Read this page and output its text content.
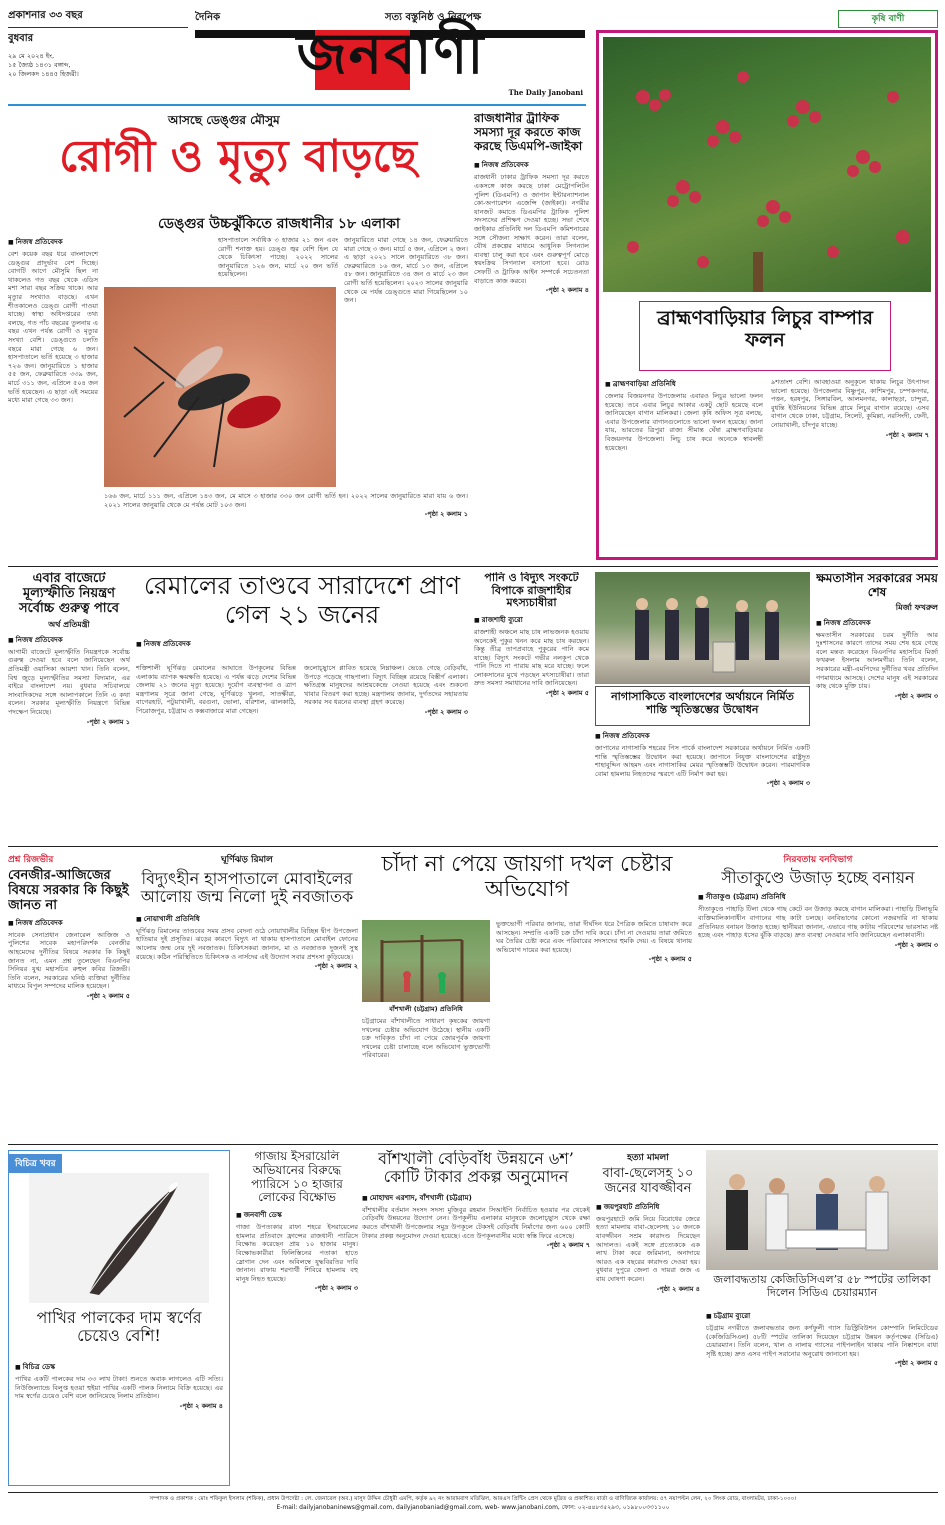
প্রকাশনার ৩৩ বছর
বুধবার
২৯ মে ২০২৪ ইং,
১৫ জ্যৈষ্ঠ ১৪৩১ বঙ্গাব্দ,
২০ জিলকদ ১৪৪৫ হিজরী।
দৈনিক	সত্য বস্তুনিষ্ঠ ও নিরপেক্ষ
জনবাণী
The Daily Janobani
কৃষি বাণী
ব্রাহ্মণবাড়িয়ার লিচুর বাম্পার ফলন
■ ব্রাহ্মণবাড়িয়া প্রতিনিধি
জেলার বিজয়নগর উপজেলায় এবারও লিচুর ভালো ফলন হয়েছে। তবে এবার লিচুর আকার একটু ছোট হয়েছে বলে জানিয়েছেন বাগান মালিকরা। জেলা কৃষি অফিস সূত্র বলছে, এবার উপজেলার বাগানগুলোতে ভালো ফলন হয়েছে। জানা যায়, ভারতের ত্রিপুরা রাজ্য সীমান্ত ঘেঁষা ব্রাহ্মণবাড়িয়ার বিজয়নগর উপজেলা। লিচু চাষ করে অনেকে স্বাবলম্বী হয়েছেন।
৯শতাংশ বেশি। আবহাওয়া অনুকূলে থাকায় লিচুর উৎপাদন ভালো হয়েছে। উপজেলার বিষ্ণুপুর, কাশিমপুর, চম্পকনগর, পত্তন, হরষপুর, সিঙ্গারবিল, আলমনগর, কালাছড়া, চান্দুরা, বুধন্তি ইউনিয়নের বিভিন্ন গ্রামে লিচুর বাগান রয়েছে। এসব বাগান থেকে ঢাকা, চট্টগ্রাম, সিলেট, কুমিল্লা, নরসিংদী, ফেনী, নোয়াখালী, চাঁদপুর যাচ্ছে।
-পৃষ্ঠা ২ কলাম ৭
আসছে ডেঙ্গুর মৌসুম
রোগী ও মৃত্যু বাড়ছে
ডেঙ্গুর উচ্চঝুঁকিতে রাজধানীর ১৮ এলাকা
■ নিজস্ব প্রতিবেদক
বেশ কয়েক বছর ধরে বাংলাদেশে ডেঙ্গুর প্রাদুর্ভাব বেশ দিচ্ছে। বোগটি আগে মৌসুমি ছিল না থাকলেও গত বছর থেকে এডিস মশা সারা বছর সক্রিয় থাকে। আর মৃত্যুর সংখ্যাও বাড়ছে। এখন শীতকালেও ডেঙ্গু রোগী পাওয়া যাচ্ছে। স্বাস্থ্য অধিদপ্তরের তথ্য বলছে, গত পাঁচ বছরের তুলনায় এ বছর এখন পর্যন্ত রোগী ও মৃত্যুর সংখ্যা বেশি। ডেঙ্গুতে চলতি বছরে মারা গেছে ৬ জন। হাসপাতালে ভর্তি হয়েছে ৩ হাজার ৭২৬ জন। জানুয়ারিতে ১ হাজার ৫৫ জন, ফেব্রুয়ারিতে ৩৩৯ জন, মার্চে ৩১১ জন, এপ্রিলে ৫০৪ জন ভর্তি হয়েছেন। এ ছাড়া এই সময়ের মধ্যে মারা গেছে ৩৩ জন।
হাসপাতালে সর্বাধিক ৩ হাজার ২১ জন এবং রোগী শনাক্ত হয়। ডেঙ্গু জ্বর বেশি হিল যে থেকে চিকিৎসা পাচ্ছে। ২০২২ সালের জানুয়ারিতে ১২৬ জন, মার্চে ২০ জন ভর্তি হয়েছিলেন।
জানুয়ারিতে মারা গেছে ১৪ জন, ফেব্রুয়ারিতে মারা গেছে ৩ জন। মার্চে ৫ জন, এপ্রিলে ২ জন। এ ছাড়া ২০২১ সালে জানুয়ারিতে ৩৮ জন। ফেব্রুয়ারিতে ১৬ জন, মার্চে ১৩ জন, এপ্রিলে ৫৮ জন। জানুয়ারিতে ৩৪ জন ও মার্চে ২৩ জন রোগী ভর্তি হয়েছিলেন। ২০২৩ সালের জানুয়ারি থেকে মে পর্যন্ত ডেঙ্গুতে মারা গিয়েছিলেন ১০ জন।
১৬৬ জন, মার্চে ১১১ জন, এপ্রিলে ১৪৩ জন, মে মাসে ৩ হাজার ৩৩০ জন রোগী ভর্তি হন। ২০২২ সালের জানুয়ারিতে মারা যায় ৬ জন। ২০২১ সালের জানুয়ারি থেকে মে পর্যন্ত মোট ১০৩ জন।
-পৃষ্ঠা ২ কলাম ১
রাজধানীর ট্রাফিক সমস্যা দূর করতে কাজ করছে ডিএমপি-জাইকা
■ নিজস্ব প্রতিবেদক
রাজধানী ঢাকার ট্রাফিক সমস্যা দূর করতে একসঙ্গে কাজ করছে ঢাকা মেট্রোপলিটন পুলিশ (ডিএমপি) ও জাপান ইন্টারন্যাশনাল কো-অপারেশন এজেন্সি (জাইকা)। নগরীর যানজট কমাতে ডিএমপির ট্রাফিক পুলিশ সদস্যদের প্রশিক্ষণ দেওয়া হচ্ছে। সভা শেষে জাইকার প্রতিনিধি দল ডিএমপি কমিশনারের সঙ্গে সৌজন্য সাক্ষাৎ করেন। তারা বলেন, যৌথ প্রকল্পের মাধ্যমে আধুনিক সিগন্যাল ব্যবস্থা চালু করা হবে এবং গুরুত্বপূর্ণ মোড়ে স্বয়ংক্রিয় সিগন্যাল বসানো হবে। রোড সেফটি ও ট্রাফিক আইন সম্পর্কে সচেতনতা বাড়াতে কাজ করবে।
-পৃষ্ঠা ২ কলাম ৪
এবার বাজেটে মূল্যস্ফীতি নিয়ন্ত্রণ সর্বোচ্চ গুরুত্ব পাবে
অর্থ প্রতিমন্ত্রী
■ নিজস্ব প্রতিবেদক
আগামী বাজেটে মূল্যস্ফীতি নিয়ন্ত্রণকে সর্বোচ্চ গুরুত্ব দেওয়া হবে বলে জানিয়েছেন অর্থ প্রতিমন্ত্রী ওয়াসিকা আয়শা খান। তিনি বলেন, বিশ্ব জুড়ে মূল্যস্ফীতির সমস্যা বিদ্যমান, এর বাইরে বাংলাদেশ নয়। বুধবার সচিবালয়ে সাংবাদিকদের সঙ্গে আলাপকালে তিনি এ কথা বলেন। সরকার মূল্যস্ফীতি নিয়ন্ত্রণে বিভিন্ন পদক্ষেপ নিয়েছে।
-পৃষ্ঠা ২ কলাম ১
রেমালের তাণ্ডবে সারাদেশে প্রাণ গেল ২১ জনের
■ নিজস্ব প্রতিবেদক
শক্তিশালী ঘূর্ণিঝড় রেমালের আঘাতে উপকূলের বিভিন্ন এলাকায় ব্যাপক ক্ষয়ক্ষতি হয়েছে। এ পর্যন্ত ঝড়ে দেশের বিভিন্ন জেলায় ২১ জনের মৃত্যু হয়েছে। দুর্যোগ ব্যবস্থাপনা ও ত্রাণ মন্ত্রণালয় সূত্রে জানা গেছে, ঘূর্ণিঝড়ে খুলনা, সাতক্ষীরা, বাগেরহাট, পটুয়াখালী, বরগুনা, ভোলা, বরিশাল, ঝালকাঠি, পিরোজপুর, চট্টগ্রাম ও কক্সবাজারে মারা গেছেন।
জলোচ্ছ্বাসে প্লাবিত হয়েছে নিম্নাঞ্চল। ভেঙে গেছে বেড়িবাঁধ, উপড়ে পড়েছে গাছপালা। বিদ্যুৎ বিচ্ছিন্ন রয়েছে বিস্তীর্ণ এলাকা। ক্ষতিগ্রস্ত মানুষদের আশ্রয়কেন্দ্রে নেওয়া হয়েছে এবং শুকনো খাবার বিতরণ করা হচ্ছে। মন্ত্রণালয় জানায়, দুর্গতদের সহায়তায় সরকার সব ধরনের ব্যবস্থা গ্রহণ করেছে।
-পৃষ্ঠা ২ কলাম ৩
পানি ও বিদ্যুৎ সংকটে বিপাকে রাজশাহীর মৎস্যচাষীরা
■ রাজশাহী ব্যুরো
রাজশাহী অঞ্চলে মাছ চাষ লাভজনক হওয়ায় অনেকেই পুকুর খনন করে মাছ চাষ করছেন। কিন্তু তীব্র তাপপ্রবাহে পুকুরের পানি কমে যাচ্ছে। বিদ্যুৎ সংকটে গভীর নলকূপ থেকে পানি দিতে না পারায় মাছ মরে যাচ্ছে। ফলে লোকসানের মুখে পড়ছেন মৎস্যচাষীরা। তারা দ্রুত সমস্যা সমাধানের দাবি জানিয়েছেন।
-পৃষ্ঠা ২ কলাম ৫	নাগাসাকিতে বাংলাদেশের অর্থায়নে নির্মিত শান্তি স্মৃতিস্তম্ভের উদ্বোধন
■ নিজস্ব প্রতিবেদক
জাপানের নাগাসাকি শহরের পিস পার্কে বাংলাদেশ সরকারের অর্থায়নে নির্মিত একটি শান্তি স্মৃতিস্তম্ভের উদ্বোধন করা হয়েছে। জাপানে নিযুক্ত বাংলাদেশের রাষ্ট্রদূত শাহাবুদ্দিন আহমদ এবং নাগাসাকির মেয়র স্মৃতিস্তম্ভটি উদ্বোধন করেন। পারমাণবিক বোমা হামলায় নিহতদের স্মরণে এটি নির্মাণ করা হয়।
-পৃষ্ঠা ২ কলাম ৩
ক্ষমতাসীন সরকারের সময় শেষ
মির্জা ফখরুল
■ নিজস্ব প্রতিবেদক
ক্ষমতাসীন সরকারের চরম দুর্নীতি আর দুঃশাসনের কারণে তাদের সময় শেষ হয়ে গেছে বলে মন্তব্য করেছেন বিএনপির মহাসচিব মির্জা ফখরুল ইসলাম আলমগীর। তিনি বলেন, সরকারের মন্ত্রী-এমপিদের দুর্নীতির খবর প্রতিদিন গণমাধ্যমে আসছে। দেশের মানুষ এই সরকারের কাছ থেকে মুক্তি চায়।
-পৃষ্ঠা ২ কলাম ৩
প্রশ্ন রিজভীর
বেনজীর-আজিজের বিষয়ে সরকার কি কিছুই জানত না
■ নিজস্ব প্রতিবেদক
সাবেক সেনাপ্রধান জেনারেল আজিজ ও পুলিশের সাবেক মহাপরিদর্শক বেনজীর আহমেদের দুর্নীতির বিষয়ে সরকার কি কিছুই জানত না, এমন প্রশ্ন তুলেছেন বিএনপির সিনিয়র যুগ্ম মহাসচিব রুহুল কবির রিজভী। তিনি বলেন, সরকারের ঘনিষ্ঠ ব্যক্তিরা দুর্নীতির মাধ্যমে বিপুল সম্পদের মালিক হয়েছেন।
-পৃষ্ঠা ২ কলাম ৫
ঘূর্ণিঝড় রিমাল
বিদ্যুৎহীন হাসপাতালে মোবাইলের আলোয় জন্ম নিলো দুই নবজাতক
■ নোয়াখালী প্রতিনিধি
ঘূর্ণিঝড় রিমালের তাণ্ডবের সময় প্রসব বেদনা ওঠে নোয়াখালীর বিচ্ছিন্ন দ্বীপ উপজেলা হাতিয়ার দুই প্রসূতির। ঝড়ের কারণে বিদ্যুৎ না থাকায় হাসপাতালে মোবাইল ফোনের আলোয় জন্ম নেয় দুই নবজাতক। চিকিৎসকরা জানান, মা ও নবজাতক দুজনই সুস্থ রয়েছে। কঠিন পরিস্থিতিতে চিকিৎসক ও নার্সদের এই উদ্যোগ সবার প্রশংসা কুড়িয়েছে।
-পৃষ্ঠা ২ কলাম ২
চাঁদা না পেয়ে জায়গা দখল চেষ্টার অভিযোগ
বাঁশখালী (চট্টগ্রাম) প্রতিনিধি
চট্টগ্রামের বাঁশখালীতে সাধারণ কৃষকের জায়গা দখলের চেষ্টার অভিযোগ উঠেছে। স্থানীয় একটি চক্র দাবিকৃত চাঁদা না পেয়ে জোরপূর্বক জায়গা দখলের চেষ্টা চালাচ্ছে বলে অভিযোগ ভুক্তভোগী পরিবারের।
ভুক্তভোগী পরিবার জানায়, তারা দীর্ঘদিন ধরে পৈত্রিক জমিতে চাষাবাদ করে আসছেন। সম্প্রতি একটি চক্র চাঁদা দাবি করে। চাঁদা না দেওয়ায় তারা জমিতে ঘর তৈরির চেষ্টা করে এবং পরিবারের সদস্যদের হুমকি দেয়। এ বিষয়ে থানায় অভিযোগ দায়ের করা হয়েছে।
-পৃষ্ঠা ২ কলাম ৫
নিরবতায় বনবিভাগ
সীতাকুণ্ডে উজাড় হচ্ছে বনায়ন
■ সীতাকুণ্ড (চট্টগ্রাম) প্রতিনিধি
সীতাকুণ্ডে পাহাড়ি টিলা থেকে গাছ কেটে বন উজাড় করছে বাগান মালিকরা। পাহাড়ি টিলাভূমি ব্যক্তিমালিকানাধীন বাগানের গাছ কাটা চলছে। বনবিভাগের কোনো নজরদারি না থাকায় প্রতিনিয়ত বনায়ন উজাড় হচ্ছে। স্থানীয়রা জানান, এভাবে গাছ কাটায় পরিবেশের ভারসাম্য নষ্ট হচ্ছে এবং পাহাড় ধসের ঝুঁকি বাড়ছে। দ্রুত ব্যবস্থা নেওয়ার দাবি জানিয়েছেন এলাকাবাসী।
-পৃষ্ঠা ২ কলাম ৩
বিচিত্র খবর
পাখির পালকের দাম স্বর্ণের চেয়েও বেশি!
■ বিচিত্র ডেস্ক
পাখির একটি পালকের দাম ৩৩ লাখ টাকা! শুনতে অবাক লাগলেও এটি সত্যি। নিউজিল্যান্ডে বিলুপ্ত হওয়া হুইয়া পাখির একটি পালক নিলামে বিক্রি হয়েছে। এর দাম স্বর্ণের চেয়েও বেশি বলে জানিয়েছে নিলাম প্রতিষ্ঠান।
-পৃষ্ঠা ২ কলাম ৪
গাজায় ইসরায়েলি অভিযানের বিরুদ্ধে প্যারিসে ১০ হাজার লোকের বিক্ষোভ
■ জনবাণী ডেস্ক
গাজা উপত্যকার রাফা শহরে ইসরায়েলের হামলার প্রতিবাদে ফ্রান্সের রাজধানী প্যারিসে বিক্ষোভ করেছেন প্রায় ১০ হাজার মানুষ। বিক্ষোভকারীরা ফিলিস্তিনের পতাকা হাতে স্লোগান দেন এবং অবিলম্বে যুদ্ধবিরতির দাবি জানান। রাফায় শরণার্থী শিবিরে হামলায় বহু মানুষ নিহত হয়েছে।
-পৃষ্ঠা ২ কলাম ৩
বাঁশখালী বেড়িবাঁধ উন্নয়নে ৬শ’ কোটি টাকার প্রকল্প অনুমোদন
■ মোহাম্মদ এরশাদ, বাঁশখালী (চট্টগ্রাম)
বাঁশখালীর বর্তমান সংসদ সদস্য মুজিবুর রহমান সিআইপি নির্বাচিত হওয়ার পর থেকেই বেড়িবাঁধ উন্নয়নের উদ্যোগ নেন। উপকূলীয় এলাকার মানুষকে জলোচ্ছ্বাস থেকে রক্ষা করতে বাঁশখালী উপজেলার সমুদ্র উপকূলে টেকসই বেড়িবাঁধ নির্মাণের জন্য ৬০০ কোটি টাকার প্রকল্প অনুমোদন দেওয়া হয়েছে। এতে উপকূলবাসীর মধ্যে স্বস্তি ফিরে এসেছে।
-পৃষ্ঠা ২ কলাম ৭
হত্যা মামলা
বাবা-ছেলেসহ ১০ জনের যাবজ্জীবন
■ জয়পুরহাট প্রতিনিধি
জয়পুরহাটে জমি নিয়ে বিরোধের জেরে হত্যা মামলায় বাবা-ছেলেসহ ১০ জনকে যাবজ্জীবন সশ্রম কারাদণ্ড দিয়েছেন আদালত। একই সঙ্গে প্রত্যেককে এক লাখ টাকা করে জরিমানা, অনাদায়ে আরও এক বছরের কারাদণ্ড দেওয়া হয়। বুধবার দুপুরে জেলা ও দায়রা জজ এ রায় ঘোষণা করেন।
-পৃষ্ঠা ২ কলাম ৪
জলাবদ্ধতায় কেজিডিসিএল’র ৫৮ স্পটের তালিকা দিলেন সিডিএ চেয়ারম্যান
■ চট্টগ্রাম ব্যুরো
চট্টগ্রাম নগরীতে জলাবদ্ধতার জন্য কর্ণফুলী গ্যাস ডিস্ট্রিবিউশন কোম্পানি লিমিটেডের (কেজিডিসিএল) ৫৮টি স্পটের তালিকা দিয়েছেন চট্টগ্রাম উন্নয়ন কর্তৃপক্ষের (সিডিএ) চেয়ারম্যান। তিনি বলেন, খাল ও নালায় গ্যাসের পাইপলাইন থাকায় পানি নিষ্কাশনে বাধা সৃষ্টি হচ্ছে। দ্রুত এসব পাইপ সরানোর অনুরোধ জানানো হয়।
-পৃষ্ঠা ২ কলাম ৫
সম্পাদক ও প্রকাশক : মোঃ শফিকুল ইসলাম (শফিক), প্রধান উপদেষ্টা : লে. জেনারেল (অব.) মাসুদ উদ্দিন চৌধুরী এমপি, কর্তৃক ৯২ নং আরামবাগ মতিঝিল, আরএস প্রিন্টিং প্রেস থেকে মুদ্রিত ও প্রকাশিত। বার্তা ও বাণিজ্যিক কার্যালয়: ৫৭ নয়াপল্টন লেন, ২০ লিংক রোড, বাংলামটর, ঢাকা-১০০০।
E-mail: dailyjanobaninews@gmail.com, dailyjanobaniad@gmail.com, web- www.janobani.com, ফোন: ০২-৪৪৮৩৫২৯৩, ০১৯৮০০৩৩১১০০
